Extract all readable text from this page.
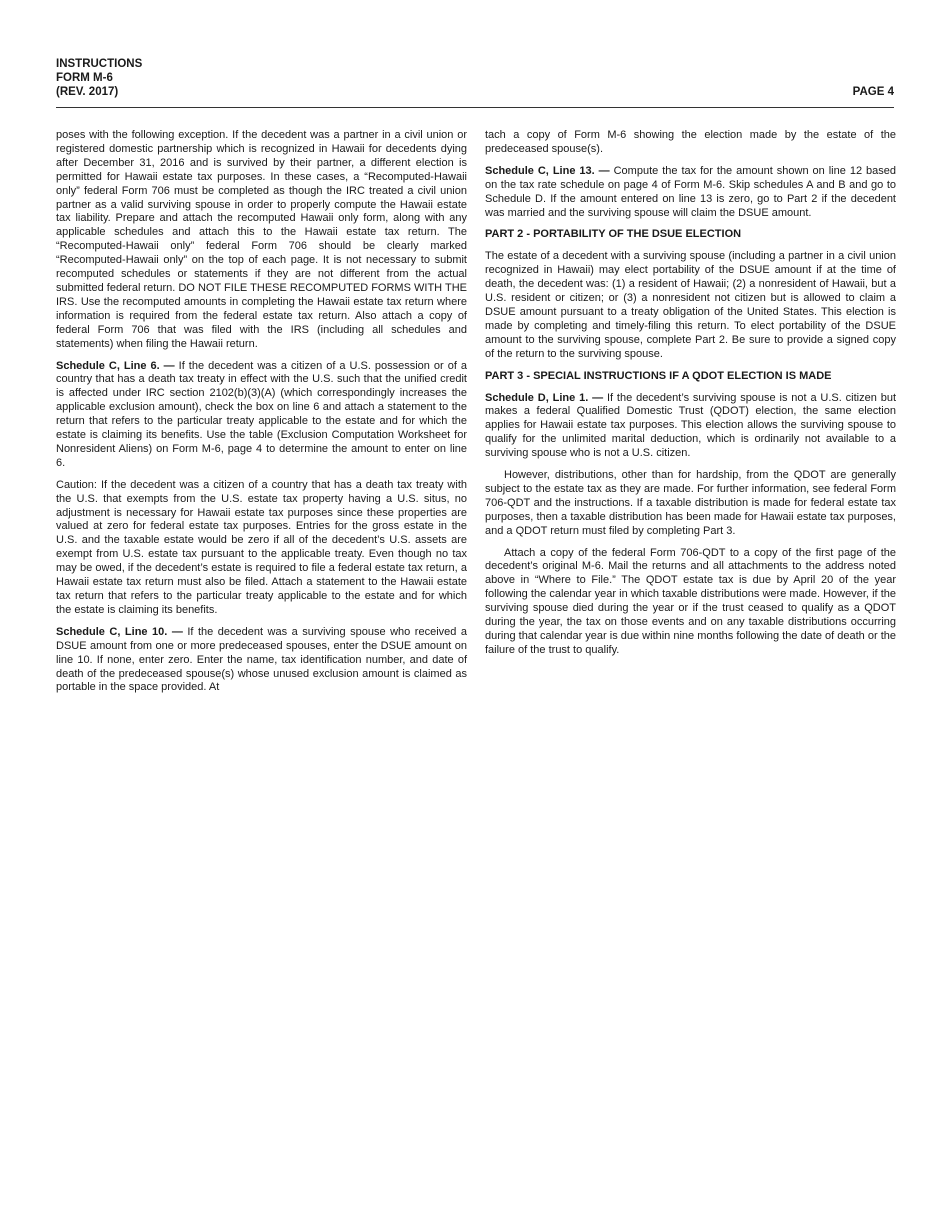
INSTRUCTIONS
FORM M-6
(REV. 2017)	PAGE 4

poses with the following exception. If the decedent was a partner in a civil union or registered domestic partnership which is recognized in Hawaii for decedents dying after December 31, 2016 and is survived by their partner, a different election is permitted for Hawaii estate tax purposes. In these cases, a “Recomputed-Hawaii only” federal Form 706 must be completed as though the IRC treated a civil union partner as a valid surviving spouse in order to properly compute the Hawaii estate tax liability. Prepare and attach the recomputed Hawaii only form, along with any applicable schedules and attach this to the Hawaii estate tax return. The “Recomputed-Hawaii only” federal Form 706 should be clearly marked “Recomputed-Hawaii only” on the top of each page. It is not necessary to submit recomputed schedules or statements if they are not different from the actual submitted federal return. DO NOT FILE THESE RECOMPUTED FORMS WITH THE IRS. Use the recomputed amounts in completing the Hawaii estate tax return where information is required from the federal estate tax return. Also attach a copy of federal Form 706 that was filed with the IRS (including all schedules and statements) when filing the Hawaii return.

Schedule C, Line 6. — If the decedent was a citizen of a U.S. possession or of a country that has a death tax treaty in effect with the U.S. such that the unified credit is affected under IRC section 2102(b)(3)(A) (which correspondingly increases the applicable exclusion amount), check the box on line 6 and attach a statement to the return that refers to the particular treaty applicable to the estate and for which the estate is claiming its benefits. Use the table (Exclusion Computation Worksheet for Nonresident Aliens) on Form M-6, page 4 to determine the amount to enter on line 6.

Caution: If the decedent was a citizen of a country that has a death tax treaty with the U.S. that exempts from the U.S. estate tax property having a U.S. situs, no adjustment is necessary for Hawaii estate tax purposes since these properties are valued at zero for federal estate tax purposes. Entries for the gross estate in the U.S. and the taxable estate would be zero if all of the decedent’s U.S. assets are exempt from U.S. estate tax pursuant to the applicable treaty. Even though no tax may be owed, if the decedent’s estate is required to file a federal estate tax return, a Hawaii estate tax return must also be filed. Attach a statement to the Hawaii estate tax return that refers to the particular treaty applicable to the estate and for which the estate is claiming its benefits.

Schedule C, Line 10. — If the decedent was a surviving spouse who received a DSUE amount from one or more predeceased spouses, enter the DSUE amount on line 10. If none, enter zero. Enter the name, tax identification number, and date of death of the predeceased spouse(s) whose unused exclusion amount is claimed as portable in the space provided. At

tach a copy of Form M-6 showing the election made by the estate of the predeceased spouse(s).

Schedule C, Line 13. — Compute the tax for the amount shown on line 12 based on the tax rate schedule on page 4 of Form M-6. Skip schedules A and B and go to Schedule D. If the amount entered on line 13 is zero, go to Part 2 if the decedent was married and the surviving spouse will claim the DSUE amount.

PART 2 - PORTABILITY OF THE DSUE ELECTION

The estate of a decedent with a surviving spouse (including a partner in a civil union recognized in Hawaii) may elect portability of the DSUE amount if at the time of death, the decedent was: (1) a resident of Hawaii; (2) a nonresident of Hawaii, but a U.S. resident or citizen; or (3) a nonresident not citizen but is allowed to claim a DSUE amount pursuant to a treaty obligation of the United States. This election is made by completing and timely-filing this return. To elect portability of the DSUE amount to the surviving spouse, complete Part 2. Be sure to provide a signed copy of the return to the surviving spouse.

PART 3 - SPECIAL INSTRUCTIONS IF A QDOT ELECTION IS MADE

Schedule D, Line 1. — If the decedent’s surviving spouse is not a U.S. citizen but makes a federal Qualified Domestic Trust (QDOT) election, the same election applies for Hawaii estate tax purposes. This election allows the surviving spouse to qualify for the unlimited marital deduction, which is ordinarily not available to a surviving spouse who is not a U.S. citizen.

However, distributions, other than for hardship, from the QDOT are generally subject to the estate tax as they are made. For further information, see federal Form 706-QDT and the instructions. If a taxable distribution is made for federal estate tax purposes, then a taxable distribution has been made for Hawaii estate tax purposes, and a QDOT return must filed by completing Part 3.

Attach a copy of the federal Form 706-QDT to a copy of the first page of the decedent’s original M-6. Mail the returns and all attachments to the address noted above in “Where to File.” The QDOT estate tax is due by April 20 of the year following the calendar year in which taxable distributions were made. However, if the surviving spouse died during the year or if the trust ceased to qualify as a QDOT during the year, the tax on those events and on any taxable distributions occurring during that calendar year is due within nine months following the date of death or the failure of the trust to qualify.
